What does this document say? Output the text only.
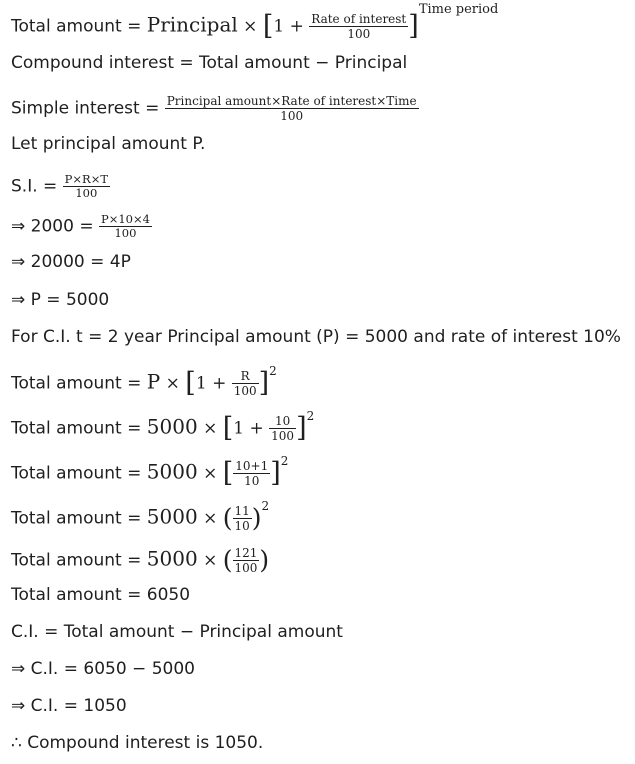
Total amount = Principal × $[1 + \frac{\text{Rate of interest}}{100} ]^{Time period}$
Compound interest = Total amount − Principal
Simple interest = $\frac{\text{Principal amount×Rate of interest×Time}}{100}$
Let principal amount P.
S.I. = $\frac{P\times R\times T}{100}$
⇒ $2000 = \frac{P\times 10\times 4}{100}$
⇒ 20000 = 4P
⇒ P = 5000
For C.I. t = 2 year Principal amount (P) = 5000 and rate of interest 10%
Total amount = $P \times [1 + \frac{R}{100} ]^2$
Total amount = $5000 \times [1 + \frac{10}{100} ]^2$
Total amount = 5000 × [ $\frac{10+1}{10} ]^2$
Total amount = 5000 × ( $\frac{11}{10} )^2$
Total amount = 5000 × ( $\frac{121}{100}$ )
Total amount = 6050
C.I. = Total amount − Principal amount
⇒ C.I. = 6050 − 5000
⇒ C.I. = 1050
∴ Compound interest is 1050.
